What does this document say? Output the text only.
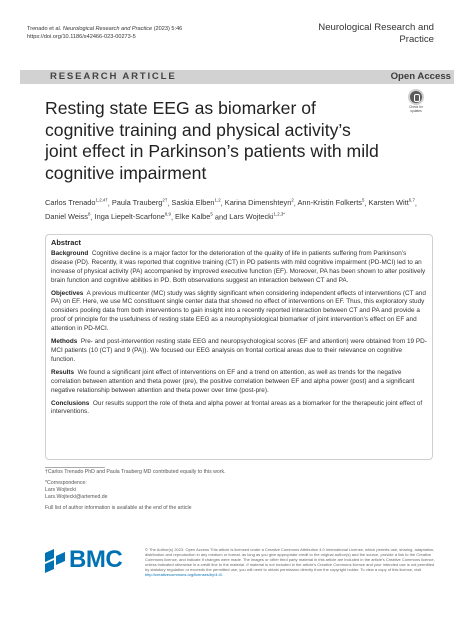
Trenado et al. Neurological Research and Practice (2023) 5:46
https://doi.org/10.1186/s42466-023-00273-5
Neurological Research and Practice
RESEARCH ARTICLE	Open Access
Resting state EEG as biomarker of cognitive training and physical activity’s joint effect in Parkinson’s patients with mild cognitive impairment
Check for updates
Carlos Trenado$^{1,2,4\dagger}$, Paula Trauberg$^{2\dagger}$, Saskia Elben$^{1,2}$, Karina Dimenshteyn$^2$, Ann-Kristin Folkerts$^5$, Karsten Witt$^{6,7}$, Daniel Weiss$^8$, Inga Liepelt-Scarfone$^{8,9}$, Elke Kalbe$^5$ and Lars Wojtecki$^{1,2,3*}$
Abstract

Background Cognitive decline is a major factor for the deterioration of the quality of life in patients suffering from Parkinson’s disease (PD). Recently, it was reported that cognitive training (CT) in PD patients with mild cognitive impairment (PD-MCI) led to an increase of physical activity (PA) accompanied by improved executive function (EF). Moreover, PA has been shown to alter positively brain function and cognitive abilities in PD. Both observations suggest an interaction between CT and PA.

Objectives A previous multicenter (MC) study was slightly significant when considering independent effects of interventions (CT and PA) on EF. Here, we use MC constituent single center data that showed no effect of interventions on EF. Thus, this exploratory study considers pooling data from both interventions to gain insight into a recently reported interaction between CT and PA and provide a proof of principle for the usefulness of resting state EEG as a neurophysiological biomarker of joint intervention’s effect on EF and attention in PD-MCI.

Methods Pre- and post-intervention resting state EEG and neuropsychological scores (EF and attention) were obtained from 19 PD-MCI patients (10 (CT) and 9 (PA)). We focused our EEG analysis on frontal cortical areas due to their relevance on cognitive function.

Results We found a significant joint effect of interventions on EF and a trend on attention, as well as trends for the negative correlation between attention and theta power (pre), the positive correlation between EF and alpha power (post) and a significant negative relationship between attention and theta power over time (post-pre).

Conclusions Our results support the role of theta and alpha power at frontal areas as a biomarker for the therapeutic joint effect of interventions.

†Carlos Trenado PhD and Paula Trauberg MD contributed equally to this work.

*Correspondence:
Lars Wojtecki
Lars.Wojtecki@artemed.de

Full list of author information is available at the end of the article

BMC	© The Author(s) 2023. Open Access This article is licensed under a Creative Commons Attribution 4.0 International License, which permits use, sharing, adaptation, distribution and reproduction in any medium or format, as long as you give appropriate credit to the original author(s) and the source, provide a link to the Creative Commons licence, and indicate if changes were made. The images or other third party material in this article are included in the article’s Creative Commons licence, unless indicated otherwise in a credit line to the material. If material is not included in the article’s Creative Commons licence and your intended use is not permitted by statutory regulation or exceeds the permitted use, you will need to obtain permission directly from the copyright holder. To view a copy of this licence, visit http://creativecommons.org/licenses/by/4.0/.
